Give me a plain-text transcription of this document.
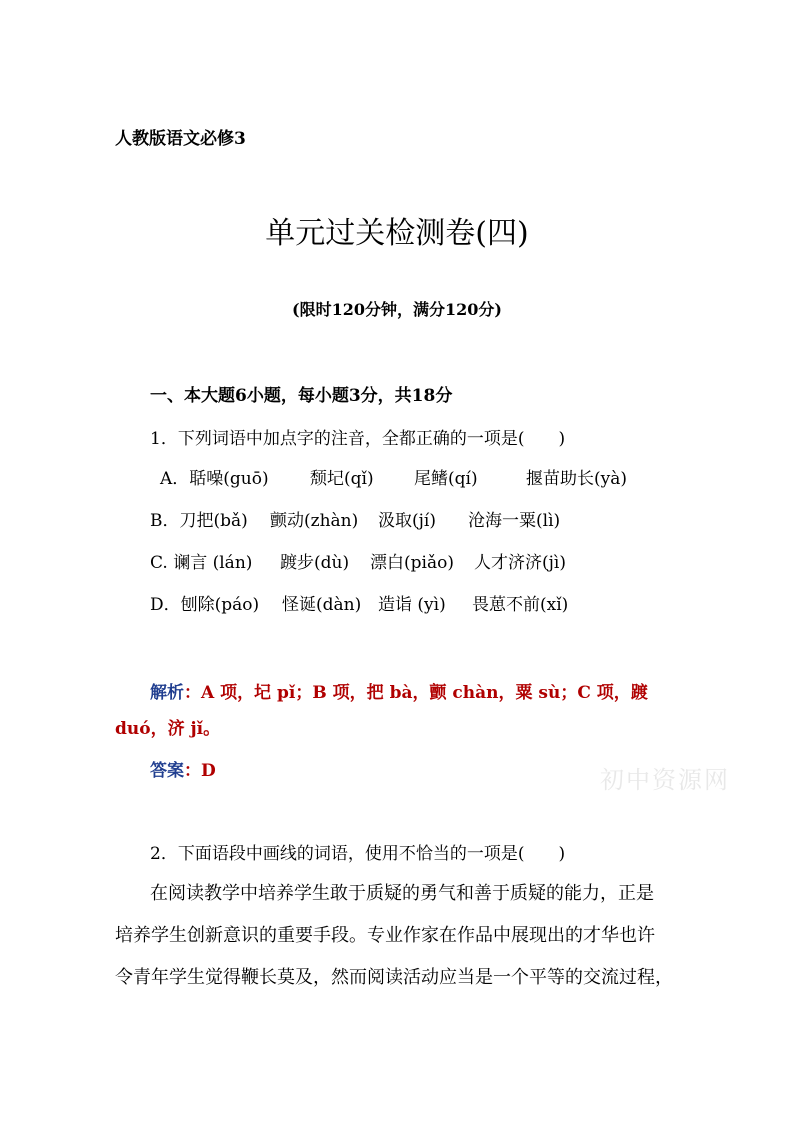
人教版语文必修3
单元过关检测卷(四)
(限时120分钟，满分120分)
一、本大题6小题，每小题3分，共18分
1．下列词语中加点字的注音，全都正确的一项是(　　)
A．聒噪(guō) 颓圮(qǐ) 尾鳍(qí)	揠苗助长(yà)
B．刀把(bǎ) 颤动(zhàn) 汲取(jí) 沧海一粟(lì)
C. 谰言 (lán) 踱步(dù) 漂白(piǎo) 人才济济(jì)
D．刨除(páo) 怪诞(dàn) 造诣 (yì) 畏葸不前(xǐ)
解析：A 项，圮 pǐ；B 项，把 bà，颤 chàn，粟 sù；C 项，踱
duó，济 jǐ。
答案：D	初中资源网
2．下面语段中画线的词语，使用不恰当的一项是(　　)
在阅读教学中培养学生敢于质疑的勇气和善于质疑的能力，正是
培养学生创新意识的重要手段。专业作家在作品中展现出的才华也许
令青年学生觉得鞭长莫及，然而阅读活动应当是一个平等的交流过程，
